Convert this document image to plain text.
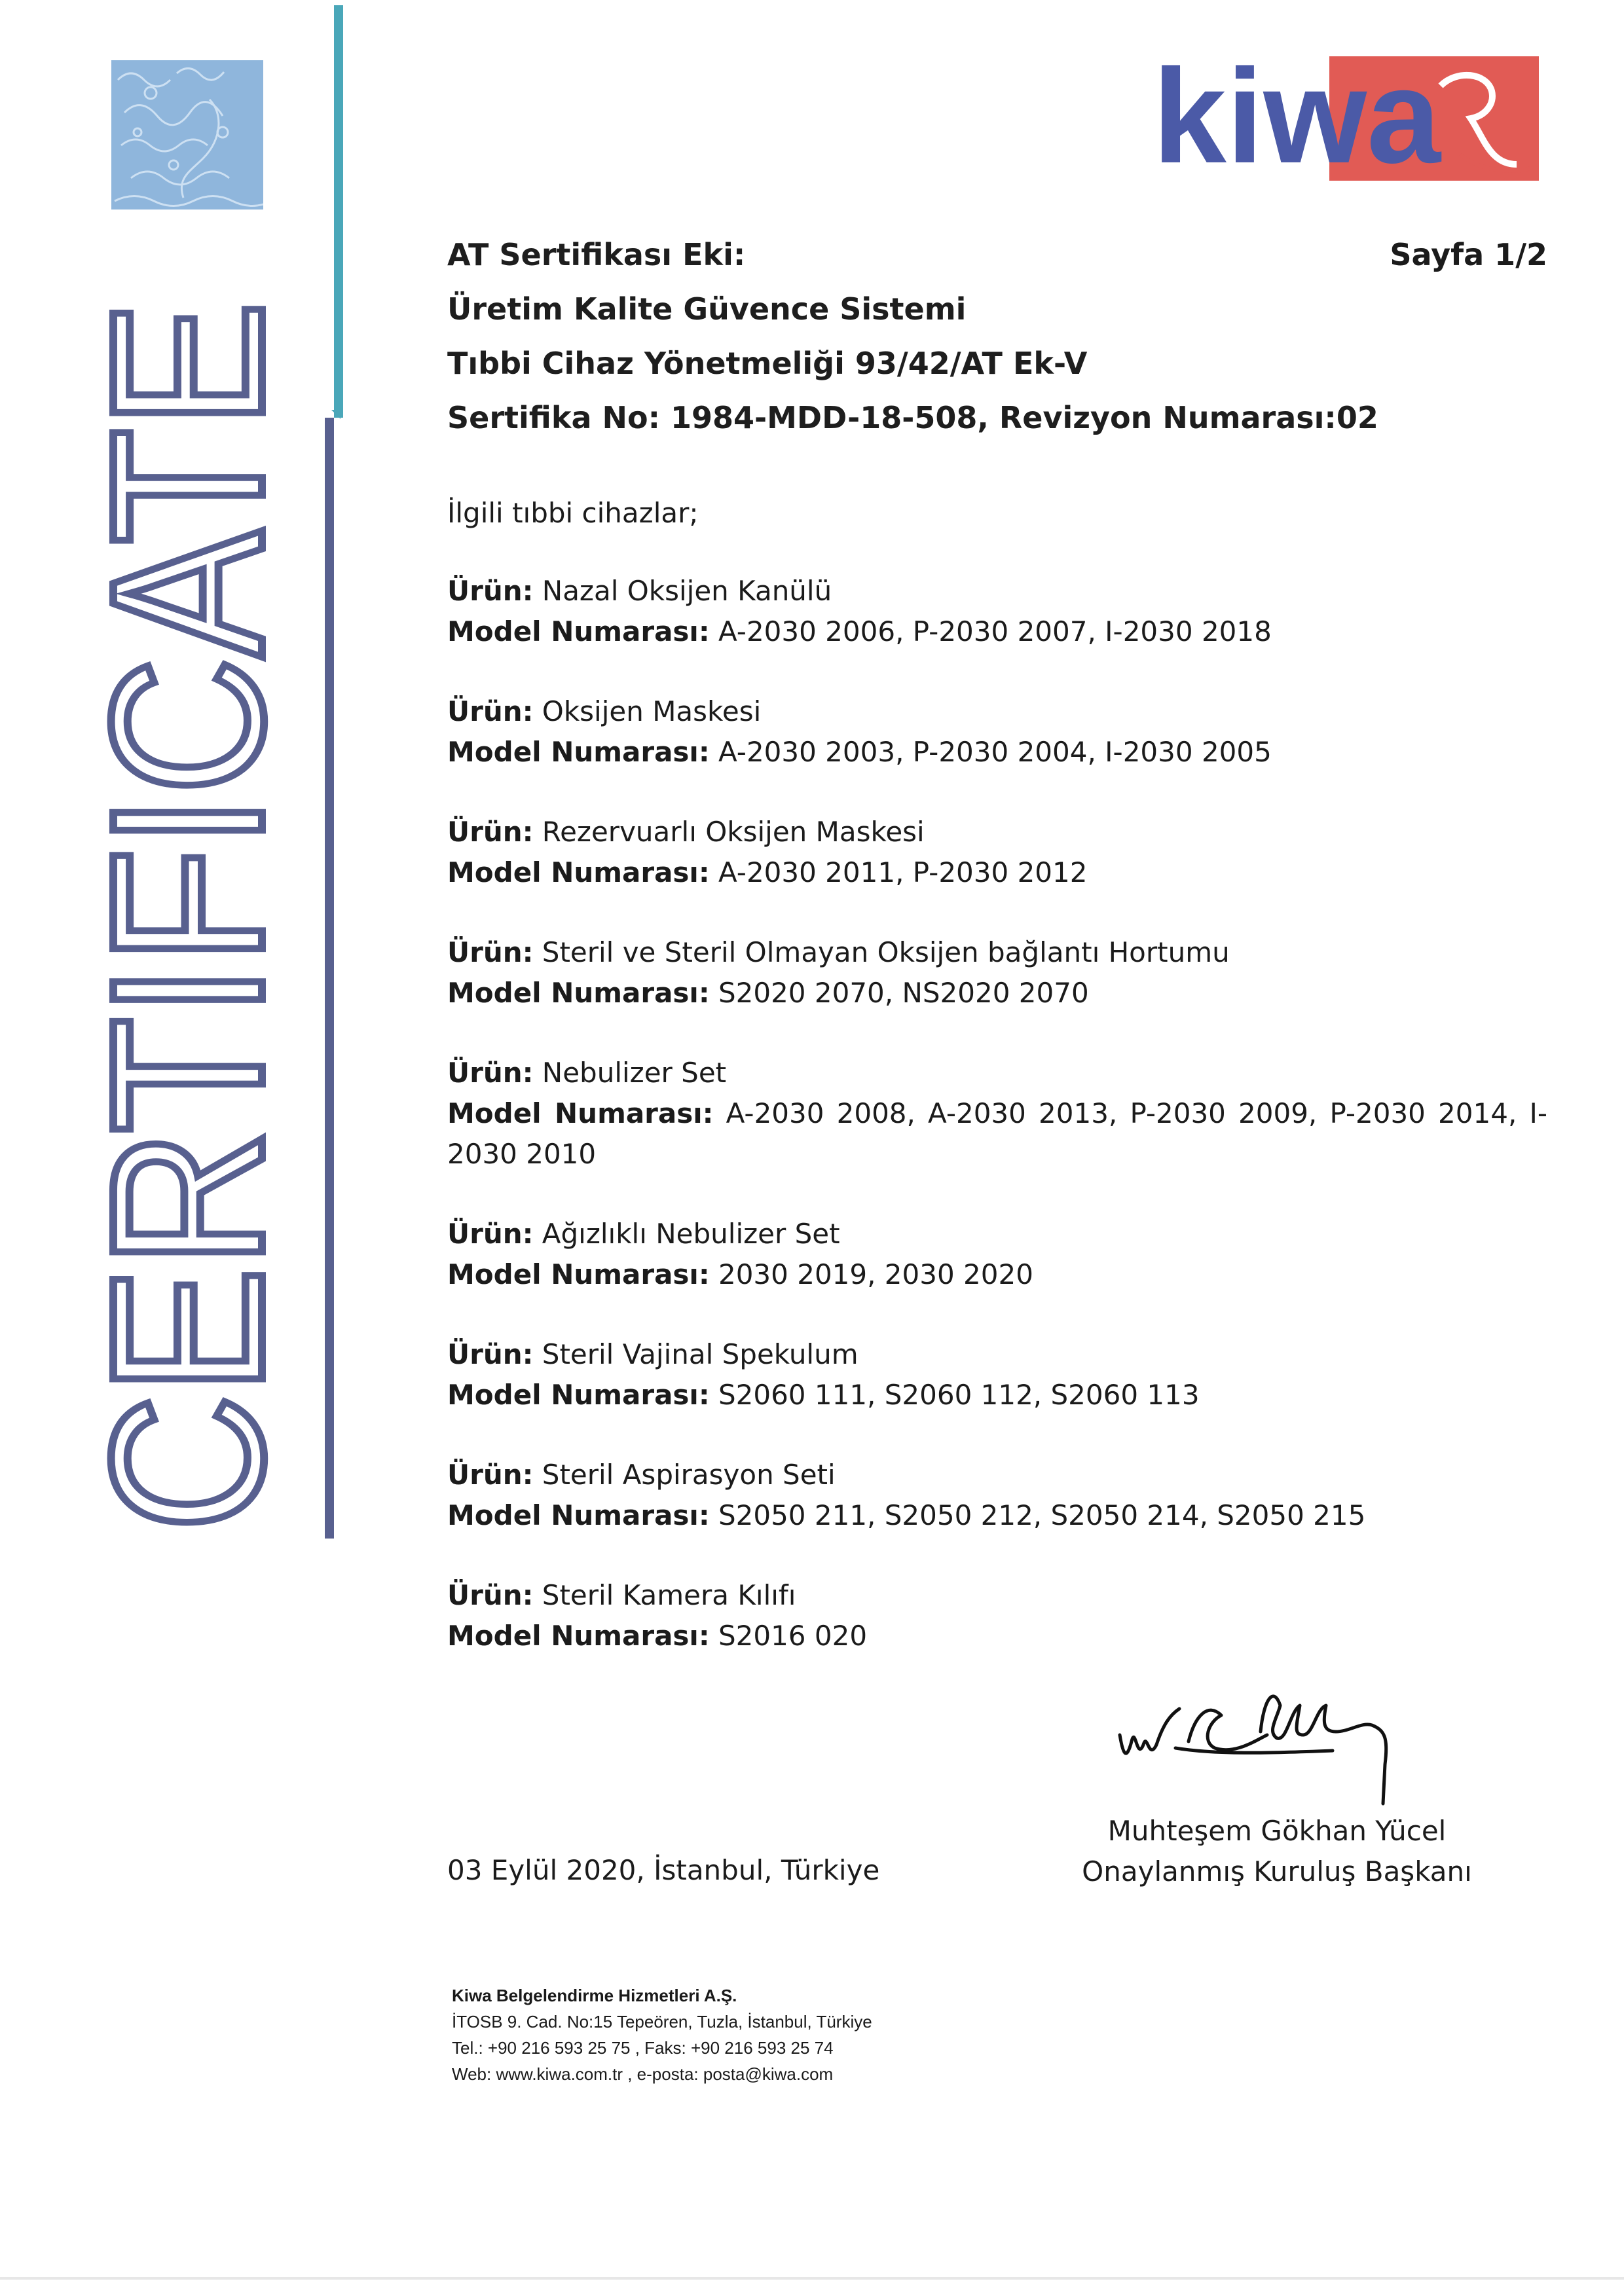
CERTIFICATE
kiwa
AT Sertifikası Eki:
Üretim Kalite Güvence Sistemi
Tıbbi Cihaz Yönetmeliği 93/42/AT Ek-V
Sertifika No: 1984-MDD-18-508, Revizyon Numarası:02
Sayfa 1/2
İlgili tıbbi cihazlar;
Ürün: Nazal Oksijen Kanülü
Model Numarası: A-2030 2006, P-2030 2007, I-2030 2018
Ürün: Oksijen Maskesi
Model Numarası: A-2030 2003, P-2030 2004, I-2030 2005
Ürün: Rezervuarlı Oksijen Maskesi
Model Numarası: A-2030 2011, P-2030 2012
Ürün: Steril ve Steril Olmayan Oksijen bağlantı Hortumu
Model Numarası: S2020 2070, NS2020 2070
Ürün: Nebulizer Set
Model Numarası: A-2030 2008, A-2030 2013, P-2030 2009, P-2030 2014, I-2030 2010
Ürün: Ağızlıklı Nebulizer Set
Model Numarası: 2030 2019, 2030 2020
Ürün: Steril Vajinal Spekulum
Model Numarası: S2060 111, S2060 112, S2060 113
Ürün: Steril Aspirasyon Seti
Model Numarası: S2050 211, S2050 212, S2050 214, S2050 215
Ürün: Steril Kamera Kılıfı
Model Numarası: S2016 020
Muhteşem Gökhan Yücel
Onaylanmış Kuruluş Başkanı
03 Eylül 2020, İstanbul, Türkiye
Kiwa Belgelendirme Hizmetleri A.Ş.
İTOSB 9. Cad. No:15 Tepeören, Tuzla, İstanbul, Türkiye
Tel.: +90 216 593 25 75 , Faks: +90 216 593 25 74
Web: www.kiwa.com.tr , e-posta: posta@kiwa.com
